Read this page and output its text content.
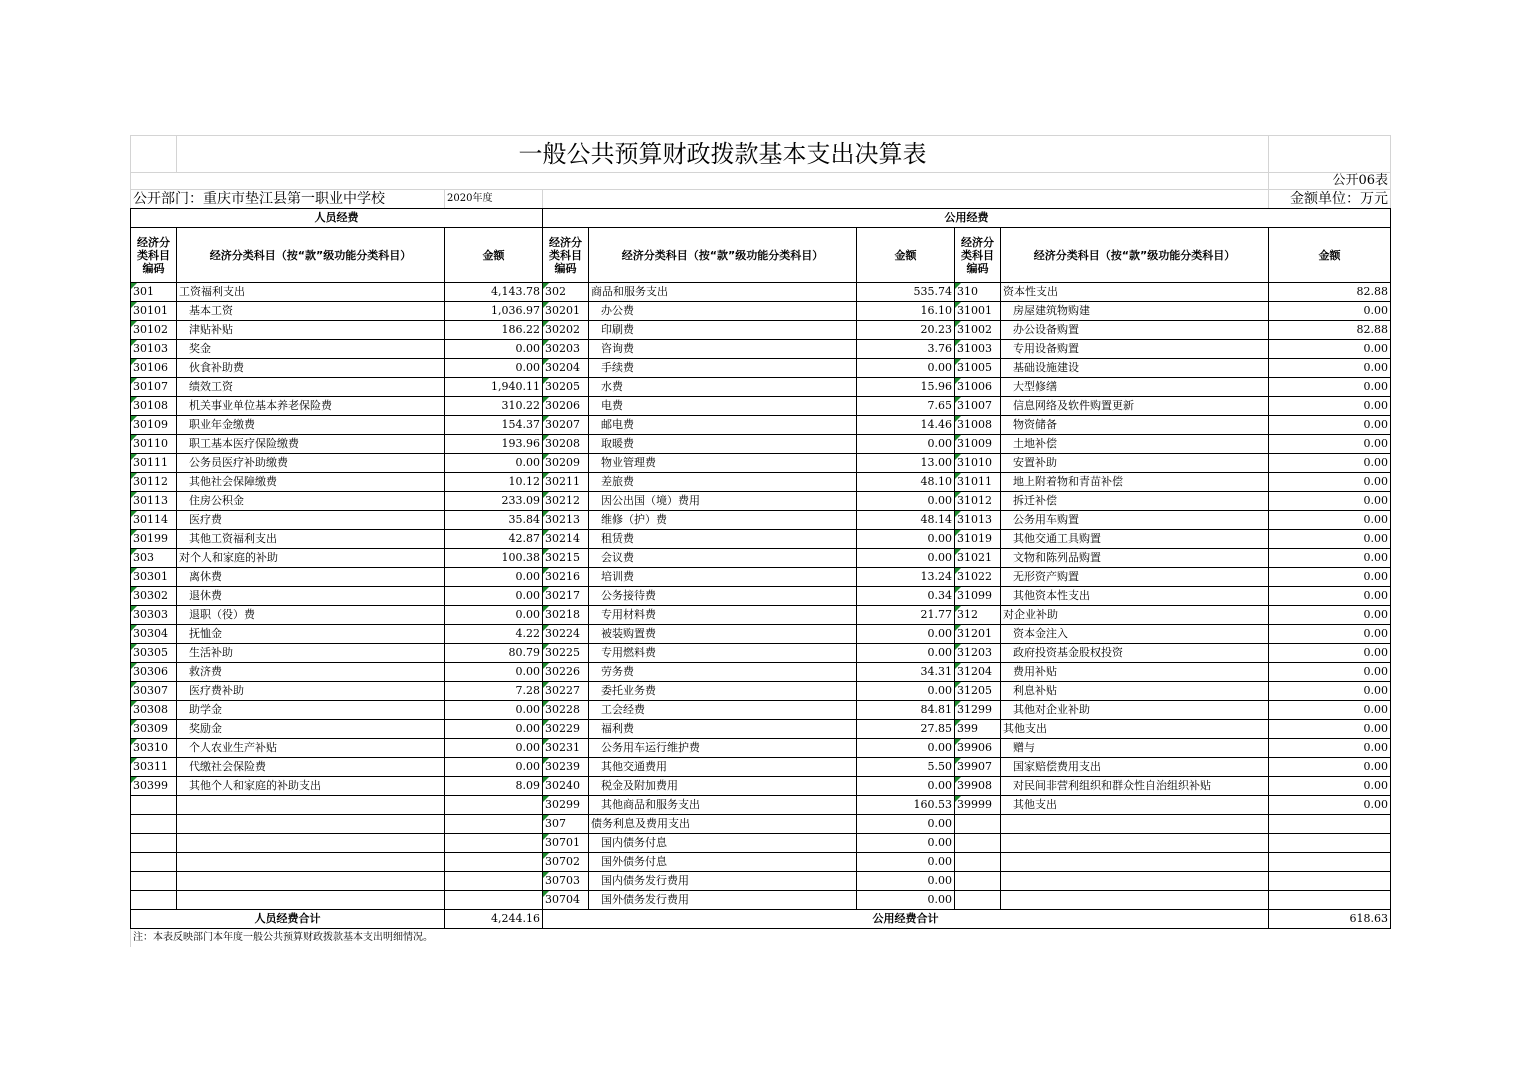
	一般公共预算财政拨款基本支出决算表							
								公开06表
公开部门：重庆市垫江县第一职业中学校		2020年度						金额单位：万元
人员经费			公用经费					
经济分类科目编码	经济分类科目（按“款”级功能分类科目）	金额	经济分类科目编码	经济分类科目（按“款”级功能分类科目）	金额	经济分类科目编码	经济分类科目（按“款”级功能分类科目）	金额
301	工资福利支出	4,143.78	302	商品和服务支出	535.74	310	资本性支出	82.88
30101	基本工资	1,036.97	30201	办公费	16.10	31001	房屋建筑物购建	0.00
30102	津贴补贴	186.22	30202	印刷费	20.23	31002	办公设备购置	82.88
30103	奖金	0.00	30203	咨询费	3.76	31003	专用设备购置	0.00
30106	伙食补助费	0.00	30204	手续费	0.00	31005	基础设施建设	0.00
30107	绩效工资	1,940.11	30205	水费	15.96	31006	大型修缮	0.00
30108	机关事业单位基本养老保险费	310.22	30206	电费	7.65	31007	信息网络及软件购置更新	0.00
30109	职业年金缴费	154.37	30207	邮电费	14.46	31008	物资储备	0.00
30110	职工基本医疗保险缴费	193.96	30208	取暖费	0.00	31009	土地补偿	0.00
30111	公务员医疗补助缴费	0.00	30209	物业管理费	13.00	31010	安置补助	0.00
30112	其他社会保障缴费	10.12	30211	差旅费	48.10	31011	地上附着物和青苗补偿	0.00
30113	住房公积金	233.09	30212	因公出国（境）费用	0.00	31012	拆迁补偿	0.00
30114	医疗费	35.84	30213	维修（护）费	48.14	31013	公务用车购置	0.00
30199	其他工资福利支出	42.87	30214	租赁费	0.00	31019	其他交通工具购置	0.00
303	对个人和家庭的补助	100.38	30215	会议费	0.00	31021	文物和陈列品购置	0.00
30301	离休费	0.00	30216	培训费	13.24	31022	无形资产购置	0.00
30302	退休费	0.00	30217	公务接待费	0.34	31099	其他资本性支出	0.00
30303	退职（役）费	0.00	30218	专用材料费	21.77	312	对企业补助	0.00
30304	抚恤金	4.22	30224	被装购置费	0.00	31201	资本金注入	0.00
30305	生活补助	80.79	30225	专用燃料费	0.00	31203	政府投资基金股权投资	0.00
30306	救济费	0.00	30226	劳务费	34.31	31204	费用补贴	0.00
30307	医疗费补助	7.28	30227	委托业务费	0.00	31205	利息补贴	0.00
30308	助学金	0.00	30228	工会经费	84.81	31299	其他对企业补助	0.00
30309	奖励金	0.00	30229	福利费	27.85	399	其他支出	0.00
30310	个人农业生产补贴	0.00	30231	公务用车运行维护费	0.00	39906	赠与	0.00
30311	代缴社会保险费	0.00	30239	其他交通费用	5.50	39907	国家赔偿费用支出	0.00
30399	其他个人和家庭的补助支出	8.09	30240	税金及附加费用	0.00	39908	对民间非营利组织和群众性自治组织补贴	0.00
			30299	其他商品和服务支出	160.53	39999	其他支出	0.00
			307	债务利息及费用支出	0.00			
			30701	国内债务付息	0.00			
			30702	国外债务付息	0.00			
			30703	国内债务发行费用	0.00			
			30704	国外债务发行费用	0.00			
人员经费合计		4,244.16	公用经费合计					618.63
注：本表反映部门本年度一般公共预算财政拨款基本支出明细情况。								
